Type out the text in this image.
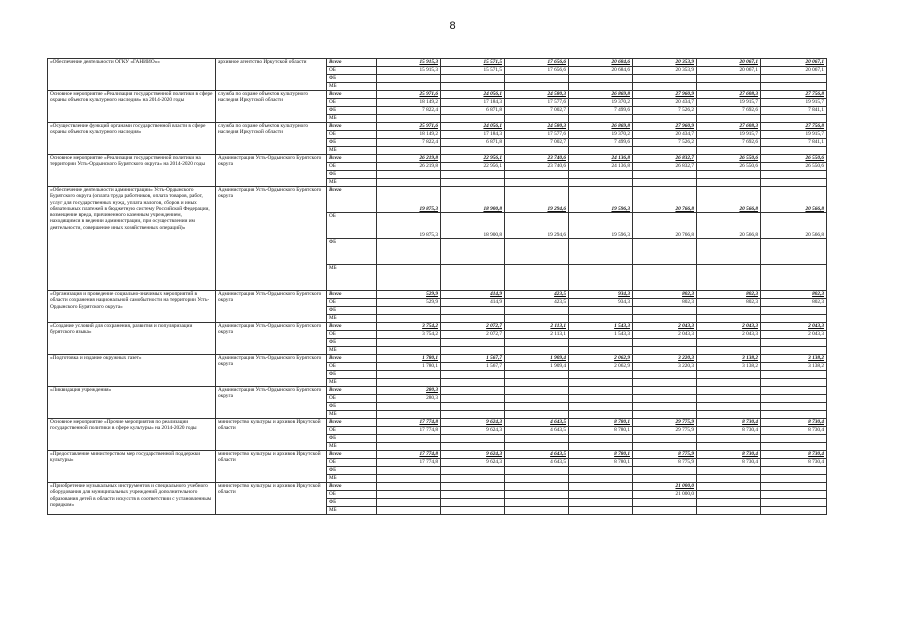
8
«Обеспечение деятельности ОГКУ «ГАНИИО»»	архивное агентство Иркутской области	Всего	15 915,3	15 571,5	17 656,6	20 684,6	20 353,9	20 067,1	20 067,1
		ОБ	15 915,3	15 571,5	17 656,6	20 684,6	20 353,9	20 067,1	20 067,1
		ФБ							
		МБ							
Основное мероприятие «Реализация государственной политики в сфере охраны объектов культурного наследия» на 2014-2020 годы	служба по охране объектов культурного наследия Иркутской области	Всего	25 971,6	24 056,1	24 580,3	26 869,8	27 960,9	27 608,3	27 756,8
		ОБ	18 149,2	17 184,3	17 577,6	19 370,2	20 434,7	19 915,7	19 915,7
		ФБ	7 822,4	6 871,8	7 002,7	7 499,6	7 526,2	7 692,6	7 841,1
		МБ							
«Осуществление функций органами государственной власти в сфере охраны объектов культурного наследия»	служба по охране объектов культурного наследия Иркутской области	Всего	25 971,6	24 056,1	24 580,3	26 869,8	27 960,9	27 608,3	27 756,8
		ОБ	18 149,2	17 184,3	17 577,6	19 370,2	20 434,7	19 915,7	19 915,7
		ФБ	7 822,4	6 871,8	7 002,7	7 499,6	7 526,2	7 692,6	7 841,1
		МБ							
Основное мероприятие «Реализация государственной политики на территории Усть-Ордынского Бурятского округа» на 2014-2020 годы	Администрация Усть-Ордынского Бурятского округа	Всего	26 219,8	22 956,1	23 740,6	24 136,8	26 832,7	26 550,6	26 550,6
		ОБ	26 219,8	22 956,1	23 740,6	24 136,8	26 832,7	26 550,6	26 550,6
		ФБ							
		МБ							
«Обеспечение деятельности администрации» Усть-Ордынского Бурятского округа (оплата труда работников, оплата товаров, работ, услуг для государственных нужд, уплата налогов, сборов и иных обязательных платежей в бюджетную систему Российской Федерации, возмещение вреда, причиненного казенным учреждением, находящимся в ведении администрации, при осуществлении им деятельности, совершение иных хозяйственных операций)»	Администрация Усть-Ордынского Бурятского округа	Всего	19 875,3	18 900,8	19 294,6	19 596,3	20 766,8	20 566,8	20 566,8
		ОБ	19 875,3	18 900,8	19 294,6	19 596,3	20 766,8	20 566,8	20 566,8
		ФБ							
		МБ							
«Организация и проведение социально-значимых мероприятий в области сохранения национальной самобытности на территории Усть-Ордынского Бурятского округа»	Администрация Усть-Ордынского Бурятского округа	Всего	529,9	414,9	423,5	934,3	802,3	802,3	802,3
		ОБ	529,9	414,9	423,5	934,3	802,3	802,3	802,3
		ФБ							
		МБ							
«Создание условий для сохранения, развития и популяризации бурятского языка»	Администрация Усть-Ордынского Бурятского округа	Всего	3 754,2	2 072,7	2 113,1	1 543,3	2 043,3	2 043,3	2 043,3
		ОБ	3 754,2	2 072,7	2 113,1	1 543,3	2 043,3	2 043,3	2 043,3
		ФБ							
		МБ							
«Подготовка и издание окружных газет»	Администрация Усть-Ордынского Бурятского округа	Всего	1 780,1	1 567,7	1 909,4	2 062,9	3 220,3	3 138,2	3 138,2
		ОБ	1 780,1	1 567,7	1 909,4	2 062,9	3 220,3	3 138,2	3 138,2
		ФБ							
		МБ							
«Ликвидация учреждения»	Администрация Усть-Ордынского Бурятского округа	Всего	280,3						
		ОБ	280,3						
		ФБ							
		МБ							
Основное мероприятие «Прочие мероприятия по реализации государственной политики в сфере культуры» на 2014-2020 годы	министерство культуры и архивов Иркутской области	Всего	17 774,8	9 624,3	4 643,5	8 780,1	29 775,9	8 730,4	8 730,4
		ОБ	17 774,8	9 624,3	4 643,5	8 780,1	29 775,9	8 730,4	8 730,4
		ФБ							
		МБ							
«Предоставление министерством мер государственной поддержки культуры»	министерство культуры и архивов Иркутской области	Всего	17 774,8	9 624,3	4 643,5	8 780,1	8 775,9	8 730,4	8 730,4
		ОБ	17 774,8	9 624,3	4 643,5	8 780,1	8 775,9	8 730,4	8 730,4
		ФБ							
		МБ							
«Приобретение музыкальных инструментов и специального учебного оборудования для муниципальных учреждений дополнительного образования детей в области искусств в соответствии с установленным порядком»	министерство культуры и архивов Иркутской области	Всего					21 000,0		
		ОБ					21 000,0		
		ФБ							
		МБ							
